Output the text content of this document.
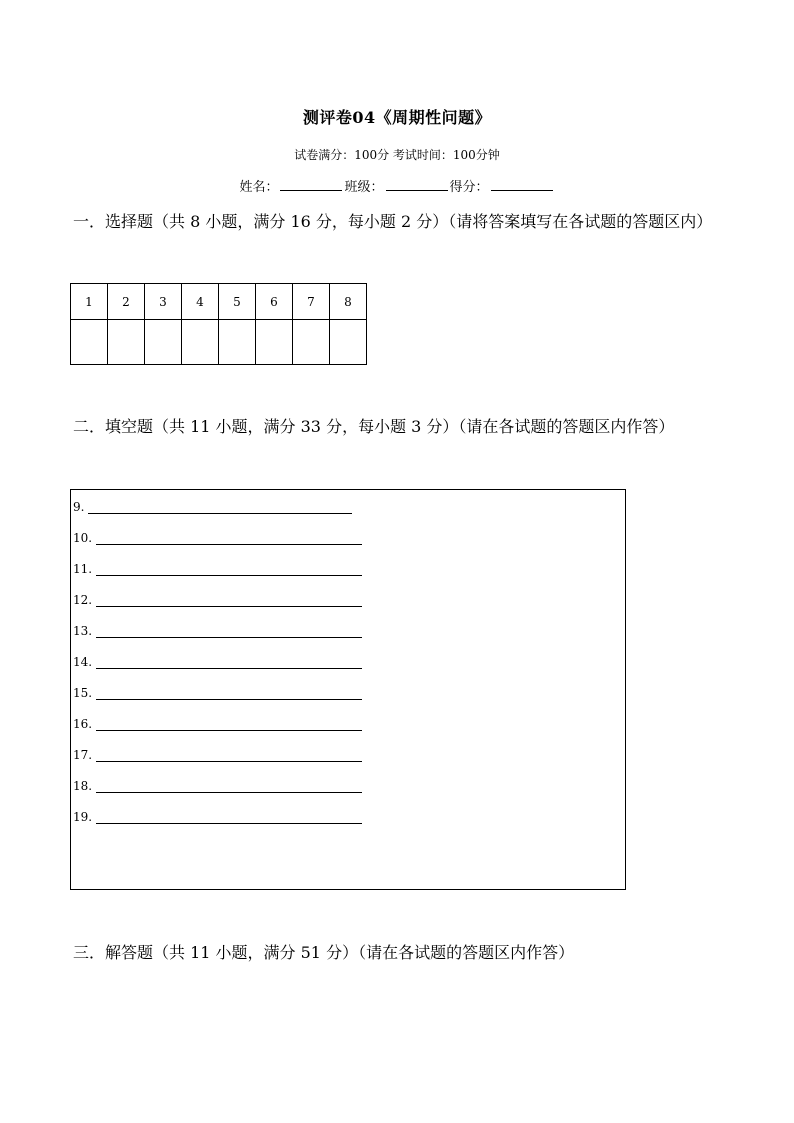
测评卷04《周期性问题》
试卷满分：100分 考试时间：100分钟
姓名：	班级：	得分：
一．选择题（共 8 小题，满分 16 分，每小题 2 分）（请将答案填写在各试题的答题区内）
1	2	3	4	5	6	7	8

二．填空题（共 11 小题，满分 33 分，每小题 3 分）（请在各试题的答题区内作答）
9.
10.
11.
12.
13.
14.
15.
16.
17.
18.
19.
三．解答题（共 11 小题，满分 51 分）（请在各试题的答题区内作答）
